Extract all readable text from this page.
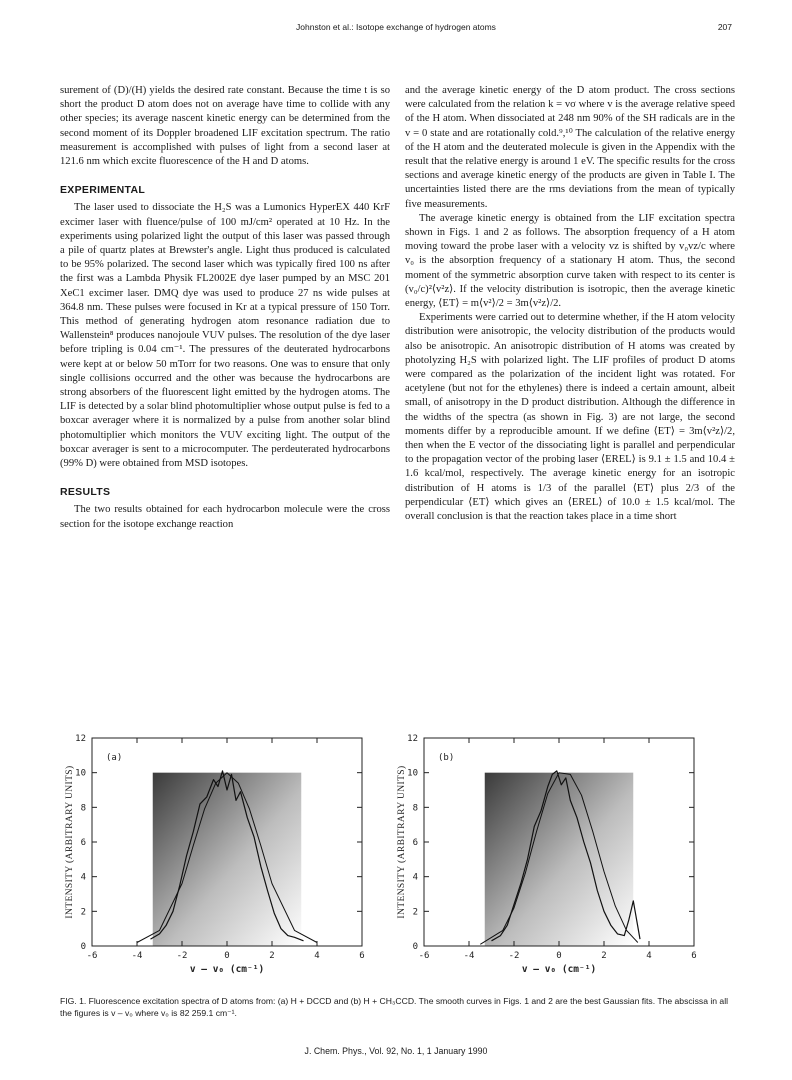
Johnston et al.: Isotope exchange of hydrogen atoms	207

surement of (D)/(H) yields the desired rate constant. Because the time t is so short the product D atom does not on average have time to collide with any other species; its average nascent kinetic energy can be determined from the second moment of its Doppler broadened LIF excitation spectrum. The ratio measurement is accomplished with pulses of light from a second laser at 121.6 nm which excite fluorescence of the H and D atoms.

EXPERIMENTAL

The laser used to dissociate the H₂S was a Lumonics HyperEX 440 KrF excimer laser with fluence/pulse of 100 mJ/cm² operated at 10 Hz. In the experiments using polarized light the output of this laser was passed through a pile of quartz plates at Brewster's angle. Light thus produced is calculated to be 95% polarized. The second laser which was typically fired 100 ns after the first was a Lambda Physik FL2002E dye laser pumped by an MSC 201 XeC1 excimer laser. DMQ dye was used to produce 27 ns wide pulses at 364.8 nm. These pulses were focused in Kr at a typical pressure of 150 Torr. This method of generating hydrogen atom resonance radiation due to Wallenstein⁸ produces nanojoule VUV pulses. The resolution of the dye laser before tripling is 0.04 cm⁻¹. The pressures of the deuterated hydrocarbons were kept at or below 50 mTorr for two reasons. One was to ensure that only single collisions occurred and the other was because the hydrocarbons are strong absorbers of the fluorescent light emitted by the hydrogen atoms. The LIF is detected by a solar blind photomultiplier whose output pulse is fed to a boxcar averager where it is normalized by a pulse from another solar blind photomultiplier which monitors the VUV exciting light. The output of the boxcar averager is sent to a microcomputer. The perdeuterated hydrocarbons (99% D) were obtained from MSD isotopes.

RESULTS

The two results obtained for each hydrocarbon molecule were the cross section for the isotope exchange reaction

and the average kinetic energy of the D atom product. The cross sections were calculated from the relation k = vσ where v is the average relative speed of the H atom. When dissociated at 248 nm 90% of the SH radicals are in the v = 0 state and are rotationally cold.⁹,¹⁰ The calculation of the relative energy of the H atom and the deuterated molecule is given in the Appendix with the result that the relative energy is around 1 eV. The specific results for the cross sections and average kinetic energy of the products are given in Table I. The uncertainties listed there are the rms deviations from the mean of typically five measurements.

The average kinetic energy is obtained from the LIF excitation spectra shown in Figs. 1 and 2 as follows. The absorption frequency of a H atom moving toward the probe laser with a velocity vz is shifted by v₀vz/c where v₀ is the absorption frequency of a stationary H atom. Thus, the second moment of the symmetric absorption curve taken with respect to its center is (v₀/c)²⟨v²z⟩. If the velocity distribution is isotropic, then the average kinetic energy, ⟨ET⟩ = m⟨v²⟩/2 = 3m⟨v²z⟩/2.

Experiments were carried out to determine whether, if the H atom velocity distribution were anisotropic, the velocity distribution of the products would also be anisotropic. An anisotropic distribution of H atoms was created by photolyzing H₂S with polarized light. The LIF profiles of product D atoms were compared as the polarization of the incident light was rotated. For acetylene (but not for the ethylenes) there is indeed a certain amount, albeit small, of anisotropy in the D product distribution. Although the difference in the widths of the spectra (as shown in Fig. 3) are not large, the second moments differ by a reproducible amount. If we define ⟨ET⟩ = 3m⟨v²z⟩/2, then when the E vector of the dissociating light is parallel and perpendicular to the propagation vector of the probing laser ⟨EREL⟩ is 9.1 ± 1.5 and 10.4 ± 1.6 kcal/mol, respectively. The average kinetic energy for an isotropic distribution of H atoms is 1/3 of the parallel ⟨ET⟩ plus 2/3 of the perpendicular ⟨ET⟩ which gives an ⟨EREL⟩ of 10.0 ± 1.5 kcal/mol. The overall conclusion is that the reaction takes place in a time short

0
2
4
6
8
10
12
-6	-4	-2	0	2	4	6
(a)
INTENSITY (ARBITRARY UNITS)
v – v₀ (cm⁻¹)
0
2
4
6
8
10
12
-6	-4	-2	0	2	4	6
(b)
INTENSITY (ARBITRARY UNITS)
v – v₀ (cm⁻¹)
FIG. 1. Fluorescence excitation spectra of D atoms from: (a) H + DCCD and (b) H + CH₃CCD. The smooth curves in Figs. 1 and 2 are the best Gaussian fits. The abscissa in all the figures is v – v₀ where v₀ is 82 259.1 cm⁻¹.
J. Chem. Phys., Vol. 92, No. 1, 1 January 1990
